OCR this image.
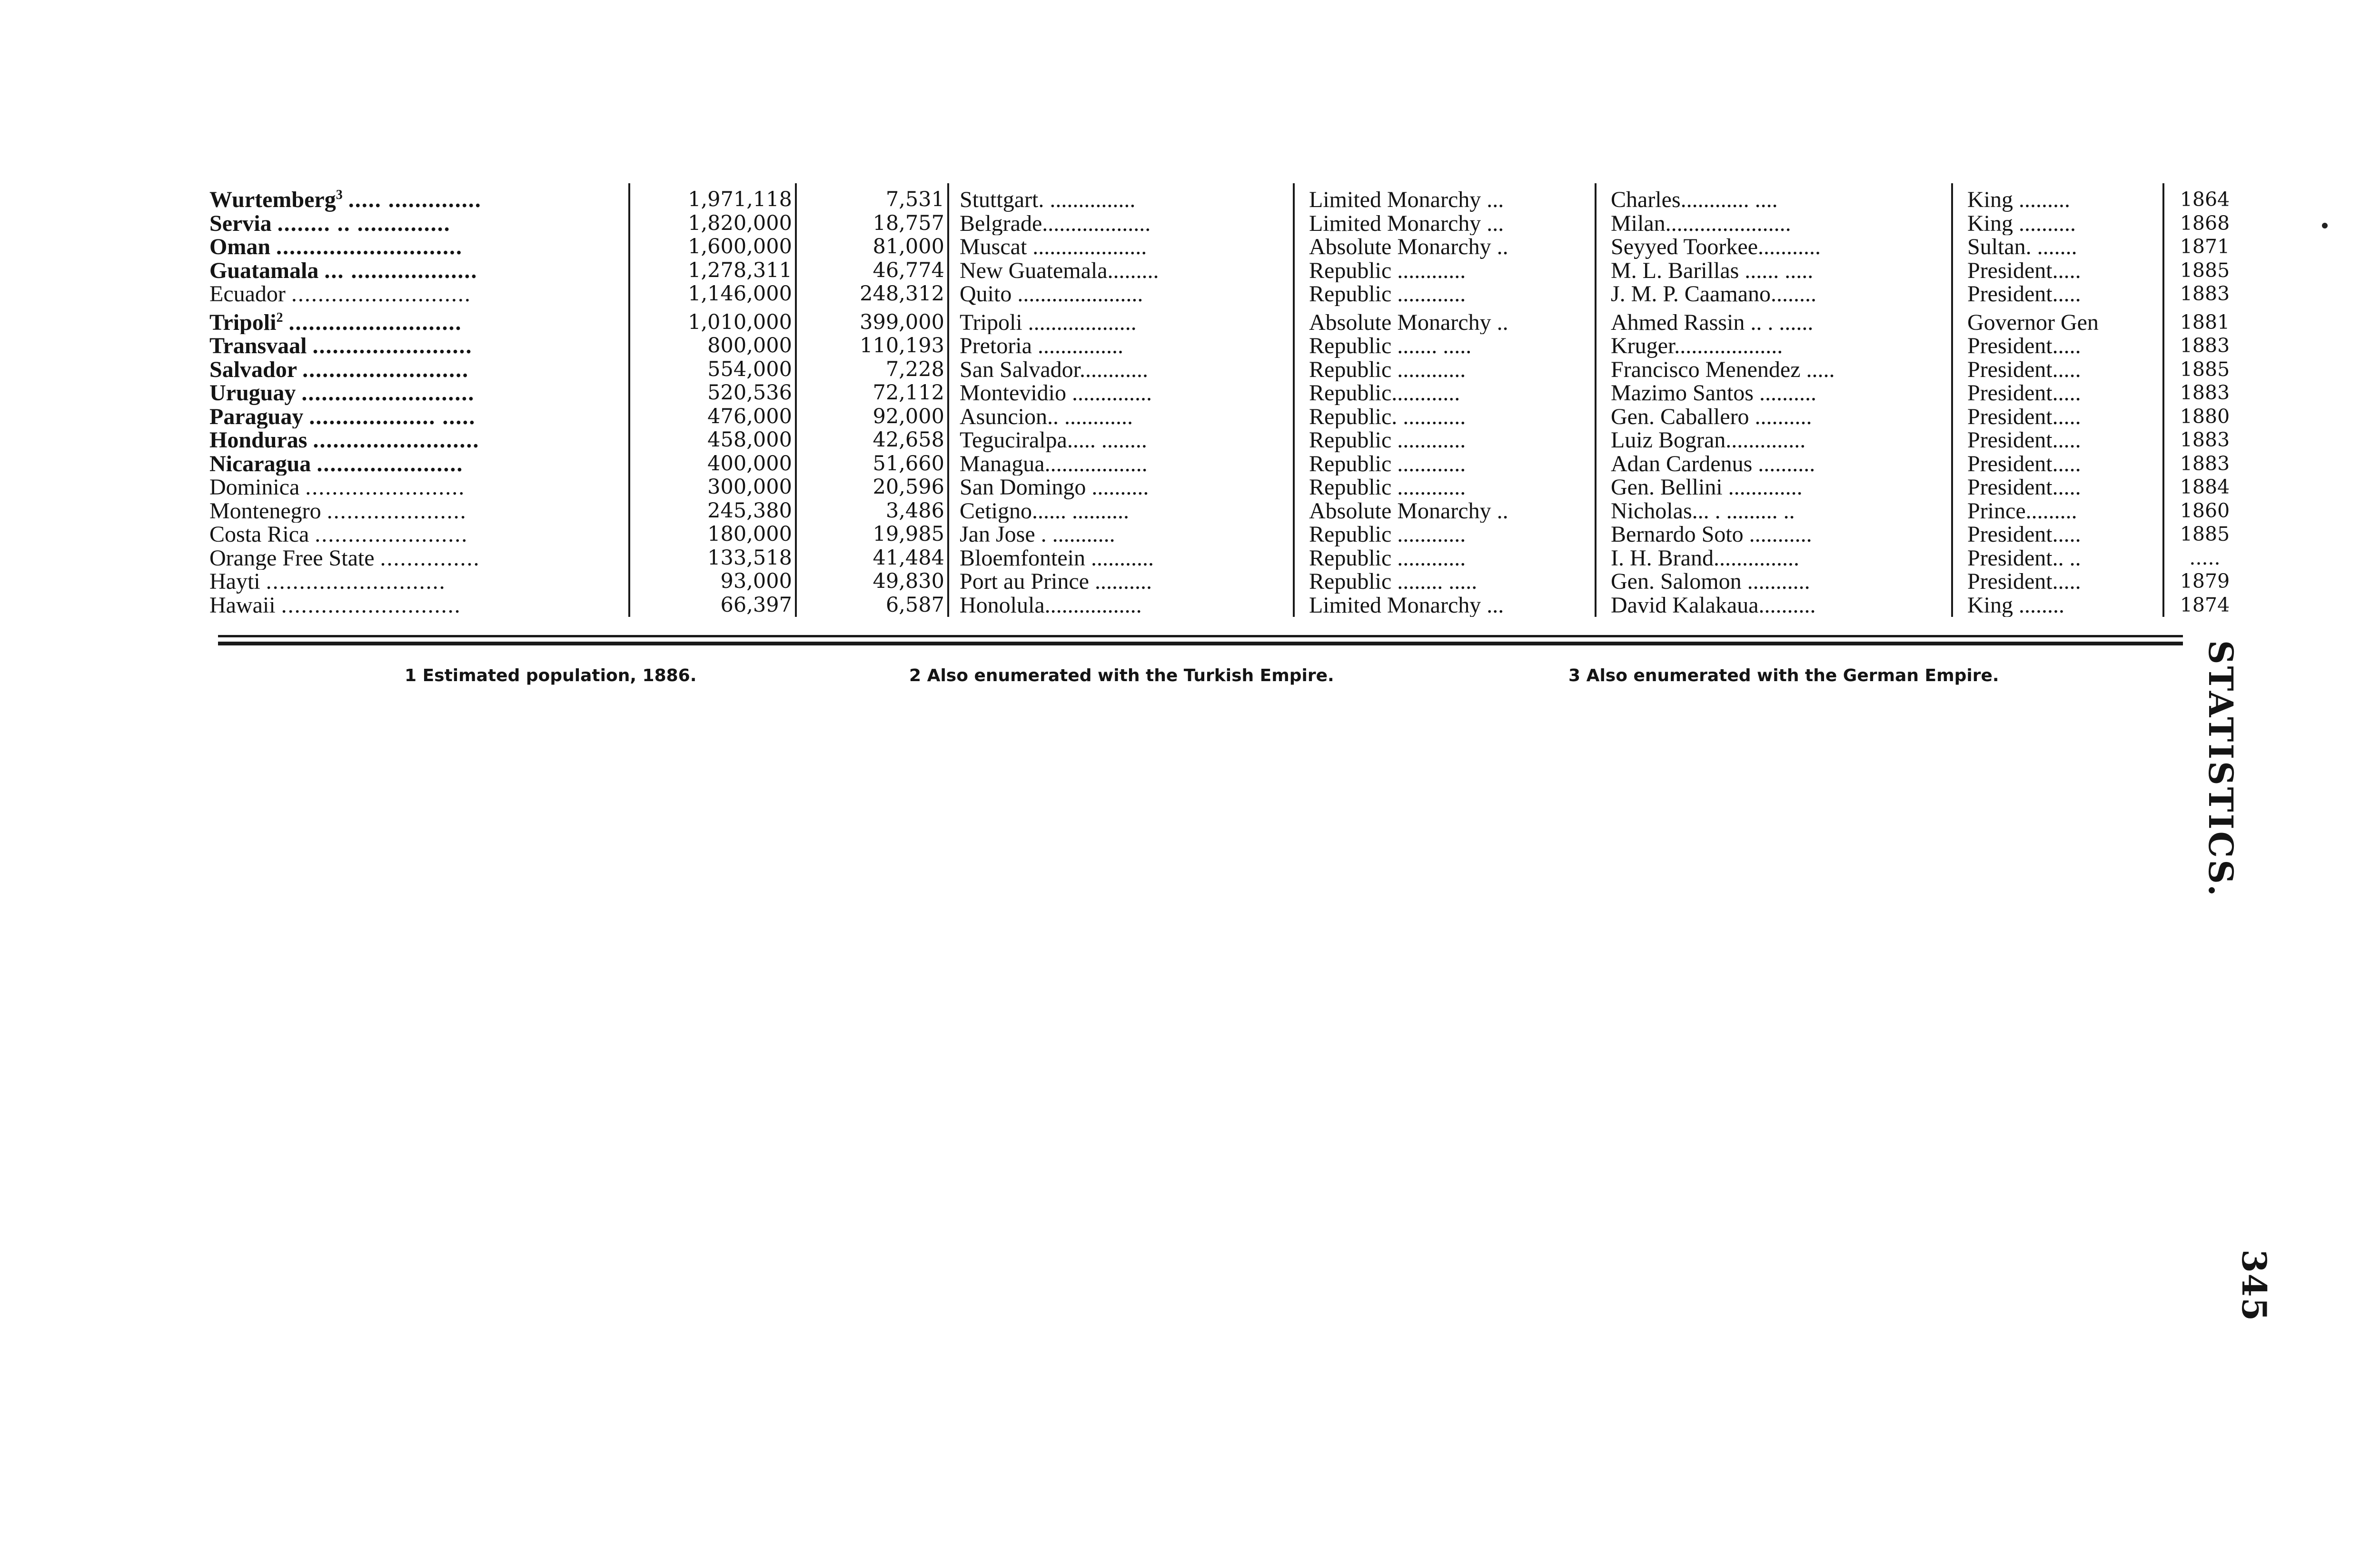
Wurtemberg$^3$ ..... ..............	1,971,118	7,531	Stuttgart. ...............	Limited Monarchy ...	Charles............ ....	King .........	1864
Servia ........ .. ..............	1,820,000	18,757	Belgrade...................	Limited Monarchy ...	Milan......................	King ..........	1868
Oman ............................	1,600,000	81,000	Muscat ....................	Absolute Monarchy ..	Seyyed Toorkee...........	Sultan. .......	1871
Guatamala ... ...................	1,278,311	46,774	New Guatemala.........	Republic ............	M. L. Barillas ...... .....	President.....	1885
Ecuador ...........................	1,146,000	248,312	Quito ......................	Republic ............	J. M. P. Caamano........	President.....	1883
Tripoli$^2$ ..........................	1,010,000	399,000	Tripoli ...................	Absolute Monarchy ..	Ahmed Rassin .. . ......	Governor Gen	1881
Transvaal ........................	800,000	110,193	Pretoria ...............	Republic ....... .....	Kruger...................	President.....	1883
Salvador .........................	554,000	7,228	San Salvador............	Republic ............	Francisco Menendez .....	President.....	1885
Uruguay ..........................	520,536	72,112	Montevidio ..............	Republic............	Mazimo Santos ..........	President.....	1883
Paraguay ................... .....	476,000	92,000	Asuncion.. ............	Republic. ...........	Gen. Caballero ..........	President.....	1880
Honduras .........................	458,000	42,658	Teguciralpa..... ........	Republic ............	Luiz Bogran..............	President.....	1883
Nicaragua ......................	400,000	51,660	Managua..................	Republic ............	Adan Cardenus ..........	President.....	1883
Dominica ........................	300,000	20,596	San Domingo ..........	Republic ............	Gen. Bellini .............	President.....	1884
Montenegro .....................	245,380	3,486	Cetigno...... ..........	Absolute Monarchy ..	Nicholas... . ......... ..	Prince.........	1860
Costa Rica .......................	180,000	19,985	Jan Jose . ...........	Republic ............	Bernardo Soto ...........	President.....	1885
Orange Free State ...............	133,518	41,484	Bloemfontein ...........	Republic ............	I. H. Brand...............	President.. ..	.....
Hayti ...........................	93,000	49,830	Port au Prince ..........	Republic ........ .....	Gen. Salomon ...........	President.....	1879
Hawaii ...........................	66,397	6,587	Honolula.................	Limited Monarchy ...	David Kalakaua..........	King ........	1874
1 Estimated population, 1886.	2 Also enumerated with the Turkish Empire.	3 Also enumerated with the German Empire.	STATISTICS.
345
